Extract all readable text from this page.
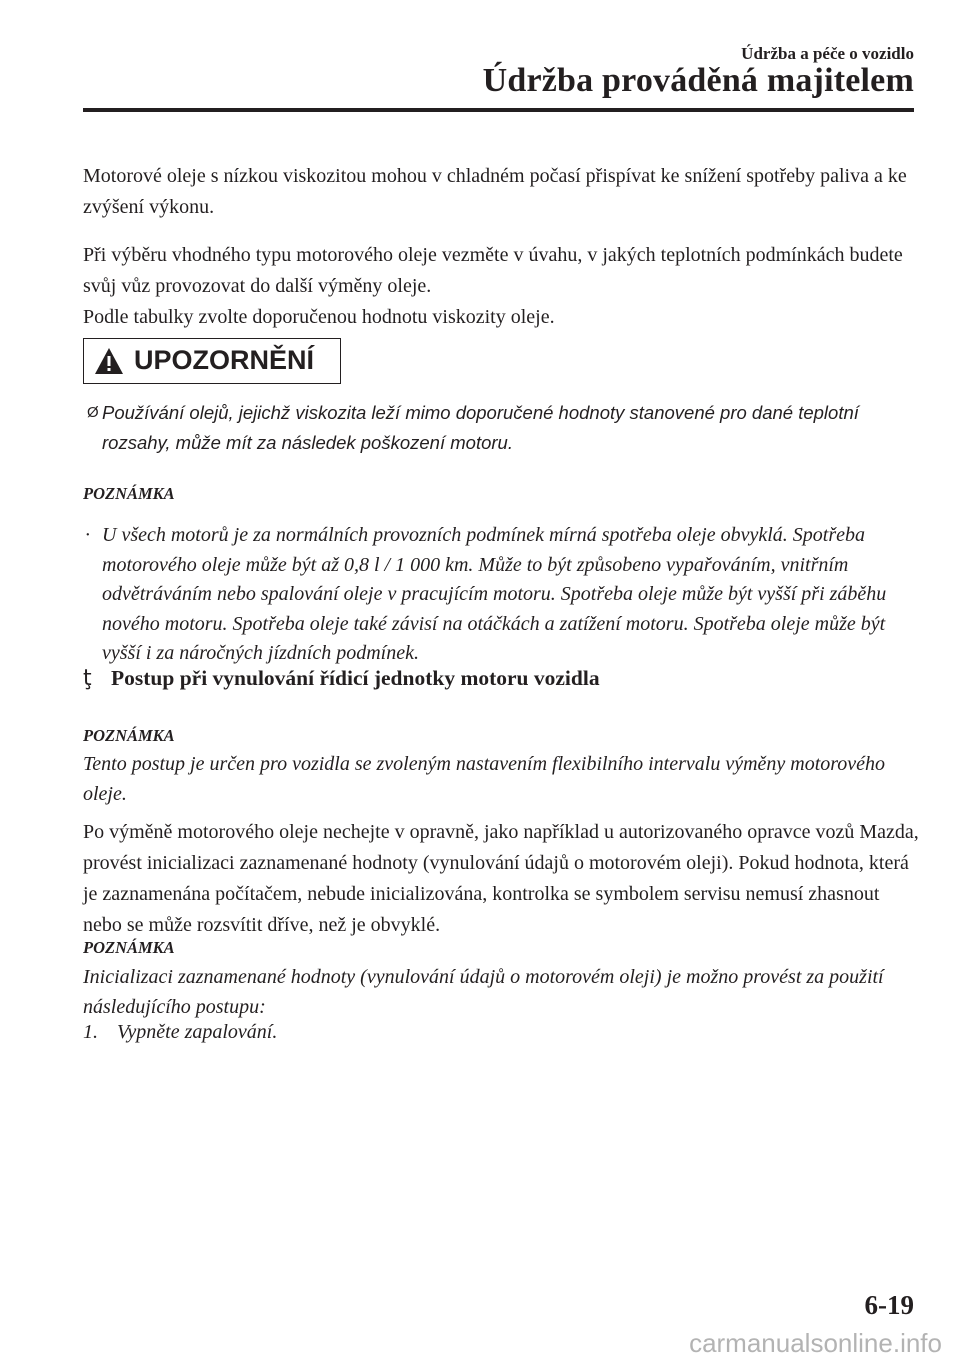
Údržba a péče o vozidlo
Údržba prováděná majitelem
Motorové oleje s nízkou viskozitou mohou v chladném počasí přispívat ke snížení spotřeby paliva a ke zvýšení výkonu.
Při výběru vhodného typu motorového oleje vezměte v úvahu, v jakých teplotních podmínkách budete svůj vůz provozovat do další výměny oleje.
Podle tabulky zvolte doporučenou hodnotu viskozity oleje.
UPOZORNĚNÍ
Ø Používání olejů, jejichž viskozita leží mimo doporučené hodnoty stanovené pro dané teplotní rozsahy, může mít za následek poškození motoru.
POZNÁMKA
· U všech motorů je za normálních provozních podmínek mírná spotřeba oleje obvyklá. Spotřeba motorového oleje může být až 0,8 l / 1 000 km. Může to být způsobeno vypařováním, vnitřním odvětráváním nebo spalování oleje v pracujícím motoru. Spotřeba oleje může být vyšší při záběhu nového motoru. Spotřeba oleje také závisí na otáčkách a zatížení motoru. Spotřeba oleje může být vyšší i za náročných jízdních podmínek.
ţ Postup při vynulování řídicí jednotky motoru vozidla
POZNÁMKA
Tento postup je určen pro vozidla se zvoleným nastavením flexibilního intervalu výměny motorového oleje.
Po výměně motorového oleje nechejte v opravně, jako například u autorizovaného opravce vozů Mazda, provést inicializaci zaznamenané hodnoty (vynulování údajů o motorovém oleji). Pokud hodnota, která je zaznamenána počítačem, nebude inicializována, kontrolka se symbolem servisu nemusí zhasnout nebo se může rozsvítit dříve, než je obvyklé.
POZNÁMKA
Inicializaci zaznamenané hodnoty (vynulování údajů o motorovém oleji) je možno provést za použití následujícího postupu:
1. Vypněte zapalování.
6-19
carmanualsonline.info
